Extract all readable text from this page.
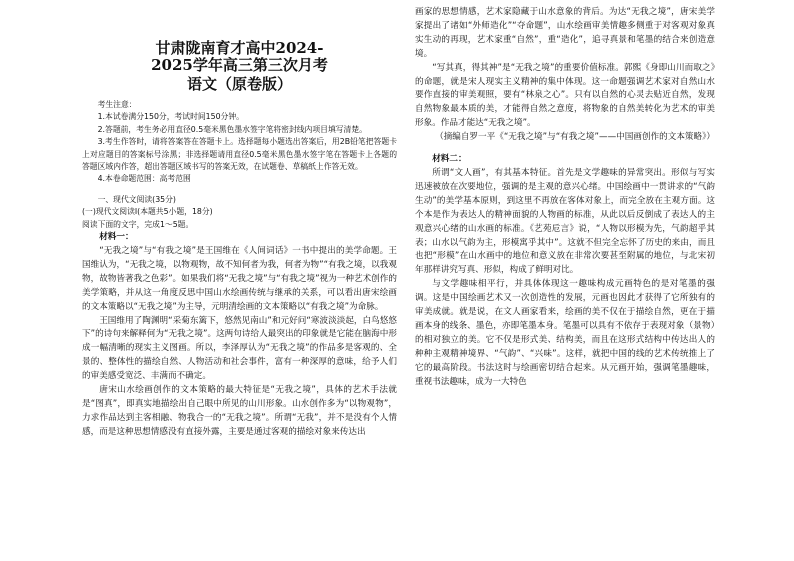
甘肃陇南育才高中2024-
2025学年高三第三次月考
语文（原卷版）

考生注意：

1.本试卷满分150分，考试时间150分钟。

2.答题前，考生务必用直径0.5毫米黑色墨水签字笔将密封线内项目填写清楚。

3.考生作答时，请将答案答在答题卡上。选择题每小题选出答案后，用2B铅笔把答题卡上对应题目的答案标号涂黑；非选择题请用直径0.5毫米黑色墨水签字笔在答题卡上各题的答题区域内作答，超出答题区域书写的答案无效，在试题卷、草稿纸上作答无效。

4.本卷命题范围：高考范围

一、现代文阅读(35分)

(一)现代文阅读I(本题共5小题，18分)

阅读下面的文字，完成1～5题。

材料一：

“无我之境”与“有我之境”是王国维在《人间词话》一书中提出的美学命题。王国维认为，“无我之境，以物观物，故不知何者为我，何者为物”“有我之境，以我观物，故物皆著我之色彩”。如果我们将“无我之境”与“有我之境”视为一种艺术创作的美学策略，并从这一角度反思中国山水绘画传统与继承的关系，可以看出唐宋绘画的文本策略以“无我之境”为主导，元明清绘画的文本策略以“有我之境”为命脉。

王国维用了陶渊明“采菊东篱下，悠然见南山”和元好问“寒波淡淡起，白鸟悠悠下”的诗句来解释何为“无我之境”。这两句诗给人最突出的印象就是它能在脑海中形成一幅清晰的现实主义图画。所以，李泽厚认为“无我之境”的作品多是客观的、全景的、整体性的描绘自然、人物活动和社会事件，富有一种深厚的意味，给予人们的审美感受宽泛、丰满而不确定。

唐宋山水绘画创作的文本策略的最大特征是“无我之境”，具体的艺术手法就是“图真”，即真实地描绘出自己眼中所见的山川形象。山水创作多为“以物观物”，力求作品达到主客相融、物我合一的“无我之境”。所谓“无我”，并不是没有个人情感，而是这种思想情感没有直接外露，主要是通过客观的描绘对象来传达出

画家的思想情感，艺术家隐藏于山水意象的背后。为达“无我之境”，唐宋美学家提出了诸如“外师造化”“夺命题”，山水绘画审美情趣多侧重于对客观对象真实生动的再现，艺术家重“自然”，重“造化”，追寻真景和笔墨的结合来创造意境。

“写其真，得其神”是“无我之境”的重要价值标准。郭熙《身即山川而取之》的命题，就是宋人现实主义精神的集中体现。这一命题强调艺术家对自然山水要作直接的审美观照，要有“林泉之心”。只有以自然的心灵去贴近自然，发现自然物象最本质的美，才能得自然之意度，将物象的自然美转化为艺术的审美形象。作品才能达“无我之境”。

（摘编自罗一平《“无我之境”与“有我之境”——中国画创作的文本策略》）

材料二：

所谓“文人画”，有其基本特征。首先是文学趣味的异常突出。形似与写实迅速被放在次要地位，强调的是主观的意兴心绪。中国绘画中一贯讲求的“气韵生动”的美学基本原则，到这里不再放在客体对象上，而完全放在主观方面。这个本是作为表达人的精神面貌的人物画的标准，从此以后反倒成了表达人的主观意兴心绪的山水画的标准。《艺苑卮言》说，“人物以形模为先，气韵超乎其表；山水以气韵为主，形模寓乎其中”。这就不但完全忘怀了历史的来由，而且也把“形模”在山水画中的地位和意义放在非常次要甚至附属的地位，与北宋初年那样讲究写真、形似，构成了鲜明对比。

与文学趣味相平行，并具体体现这一趣味构成元画特色的是对笔墨的强调。这是中国绘画艺术又一次创造性的发展，元画也因此才获得了它所独有的审美成就。就是说，在文人画家看来，绘画的美不仅在于描绘自然，更在于描画本身的线条、墨色，亦即笔墨本身。笔墨可以具有不依存于表现对象（景物）的相对独立的美。它不仅是形式美、结构美，而且在这形式结构中传达出人的种种主观精神境界、“气韵”、“兴味”。这样，就把中国的线的艺术传统推上了它的最高阶段。书法这时与绘画密切结合起来。从元画开始，强调笔墨趣味，重视书法趣味，成为一大特色
